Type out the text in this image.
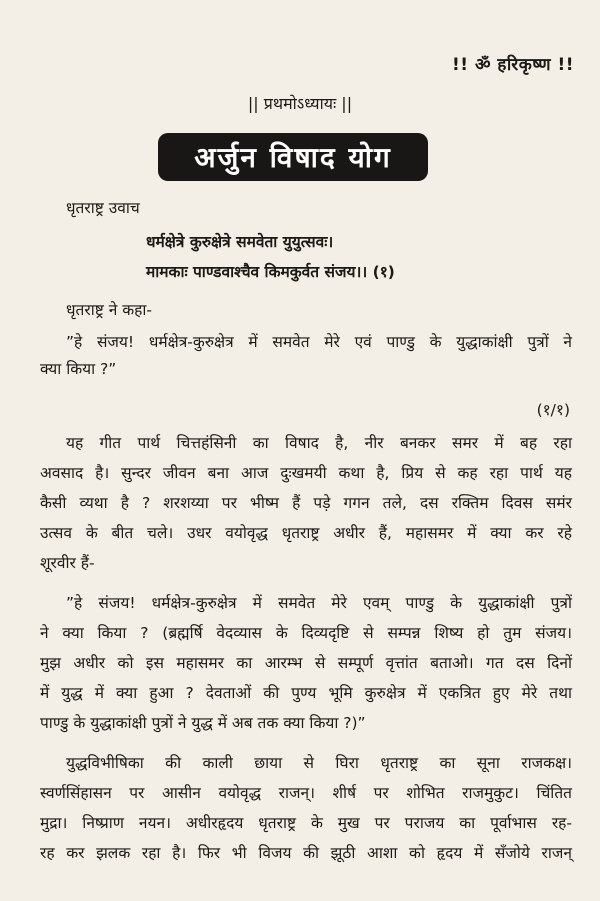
!! ॐ हरिकृष्ण !!
|| प्रथमोऽध्यायः ||
अर्जुन विषाद योग
धृतराष्ट्र उवाच
धर्मक्षेत्रे कुरुक्षेत्रे समवेता युयुत्सवः।
मामकाः पाण्डवाश्चैव किमकुर्वत संजय।। (१)
धृतराष्ट्र ने कहा-
”हे संजय! धर्मक्षेत्र-कुरुक्षेत्र में समवेत मेरे एवं पाण्डु के युद्धाकांक्षी पुत्रों ने
क्या किया ?”
(१/१)
यह गीत पार्थ चित्तहंसिनी का विषाद है, नीर बनकर समर में बह रहा
अवसाद है। सुन्दर जीवन बना आज दुःखमयी कथा है, प्रिय से कह रहा पार्थ यह
कैसी व्यथा है ? शरशय्या पर भीष्म हैं पड़े गगन तले, दस रक्तिम दिवस समंर
उत्सव के बीत चले। उधर वयोवृद्ध धृतराष्ट्र अधीर हैं, महासमर में क्या कर रहे
शूरवीर हैं-
”हे संजय! धर्मक्षेत्र-कुरुक्षेत्र में समवेत मेरे एवम् पाण्डु के युद्धाकांक्षी पुत्रों
ने क्या किया ? (ब्रह्मर्षि वेदव्यास के दिव्यदृष्टि से सम्पन्न शिष्य हो तुम संजय।
मुझ अधीर को इस महासमर का आरम्भ से सम्पूर्ण वृत्तांत बताओ। गत दस दिनों
में युद्ध में क्या हुआ ? देवताओं की पुण्य भूमि कुरुक्षेत्र में एकत्रित हुए मेरे तथा
पाण्डु के युद्धाकांक्षी पुत्रों ने युद्ध में अब तक क्या किया ?)”
युद्धविभीषिका की काली छाया से घिरा धृतराष्ट्र का सूना राजकक्ष।
स्वर्णसिंहासन पर आसीन वयोवृद्ध राजन्। शीर्ष पर शोभित राजमुकुट। चिंतित
मुद्रा। निष्प्राण नयन। अधीरहृदय धृतराष्ट्र के मुख पर पराजय का पूर्वाभास रह-
रह कर झलक रहा है। फिर भी विजय की झूठी आशा को हृदय में सँजोये राजन्
